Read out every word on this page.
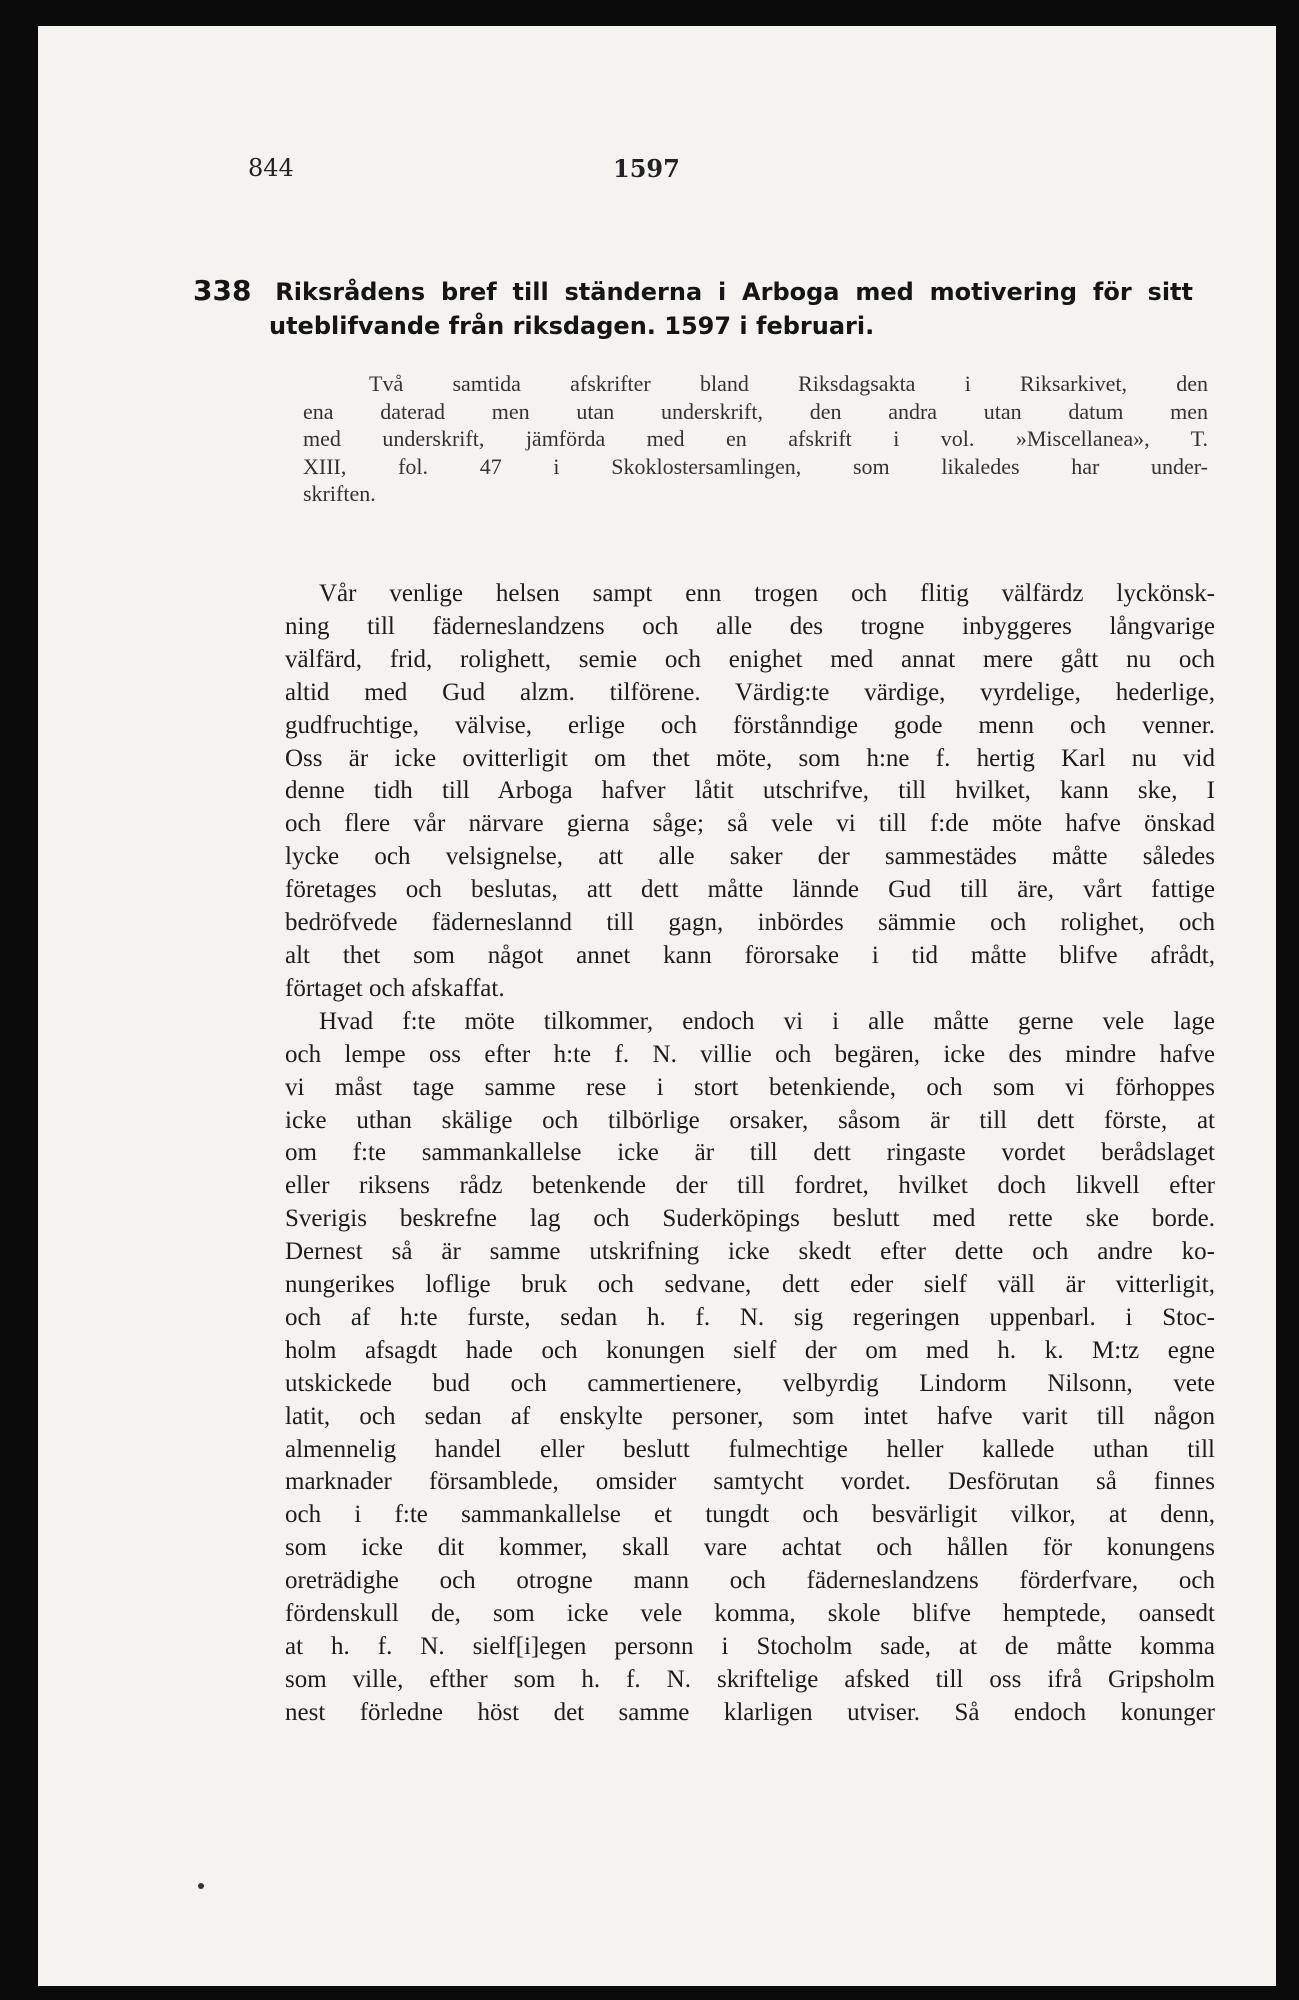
844	1597
338 Riksrådens bref till ständerna i Arboga med motivering för sitt
uteblifvande från riksdagen. 1597 i februari.
Två samtida afskrifter bland Riksdagsakta i Riksarkivet, den
ena daterad men utan underskrift, den andra utan datum men
med underskrift, jämförda med en afskrift i vol. »Miscellanea», T.
XIII, fol. 47 i Skoklostersamlingen, som likaledes har under-
skriften.
Vår venlige helsen sampt enn trogen och flitig välfärdz lyckönsk-
ning till fäderneslandzens och alle des trogne inbyggeres långvarige
välfärd, frid, rolighett, semie och enighet med annat mere gått nu och
altid med Gud alzm. tilförene. Värdig:te värdige, vyrdelige, hederlige,
gudfruchtige, välvise, erlige och förstånndige gode menn och venner.
Oss är icke ovitterligit om thet möte, som h:ne f. hertig Karl nu vid
denne tidh till Arboga hafver låtit utschrifve, till hvilket, kann ske, I
och flere vår närvare gierna såge; så vele vi till f:de möte hafve önskad
lycke och velsignelse, att alle saker der sammestädes måtte således
företages och beslutas, att dett måtte lännde Gud till äre, vårt fattige
bedröfvede fäderneslannd till gagn, inbördes sämmie och rolighet, och
alt thet som något annet kann förorsake i tid måtte blifve afrådt,
förtaget och afskaffat.
Hvad f:te möte tilkommer, endoch vi i alle måtte gerne vele lage
och lempe oss efter h:te f. N. villie och begären, icke des mindre hafve
vi måst tage samme rese i stort betenkiende, och som vi förhoppes
icke uthan skälige och tilbörlige orsaker, såsom är till dett förste, at
om f:te sammankallelse icke är till dett ringaste vordet berådslaget
eller riksens rådz betenkende der till fordret, hvilket doch likvell efter
Sverigis beskrefne lag och Suderköpings beslutt med rette ske borde.
Dernest så är samme utskrifning icke skedt efter dette och andre ko-
nungerikes loflige bruk och sedvane, dett eder sielf väll är vitterligit,
och af h:te furste, sedan h. f. N. sig regeringen uppenbarl. i Stoc-
holm afsagdt hade och konungen sielf der om med h. k. M:tz egne
utskickede bud och cammertienere, velbyrdig Lindorm Nilsonn, vete
latit, och sedan af enskylte personer, som intet hafve varit till någon
almennelig handel eller beslutt fulmechtige heller kallede uthan till
marknader församblede, omsider samtycht vordet. Desförutan så finnes
och i f:te sammankallelse et tungdt och besvärligit vilkor, at denn,
som icke dit kommer, skall vare achtat och hållen för konungens
oreträdighe och otrogne mann och fäderneslandzens förderfvare, och
fördenskull de, som icke vele komma, skole blifve hemptede, oansedt
at h. f. N. sielf[i]egen personn i Stocholm sade, at de måtte komma
som ville, efther som h. f. N. skriftelige afsked till oss ifrå Gripsholm
nest förledne höst det samme klarligen utviser. Så endoch konunger
